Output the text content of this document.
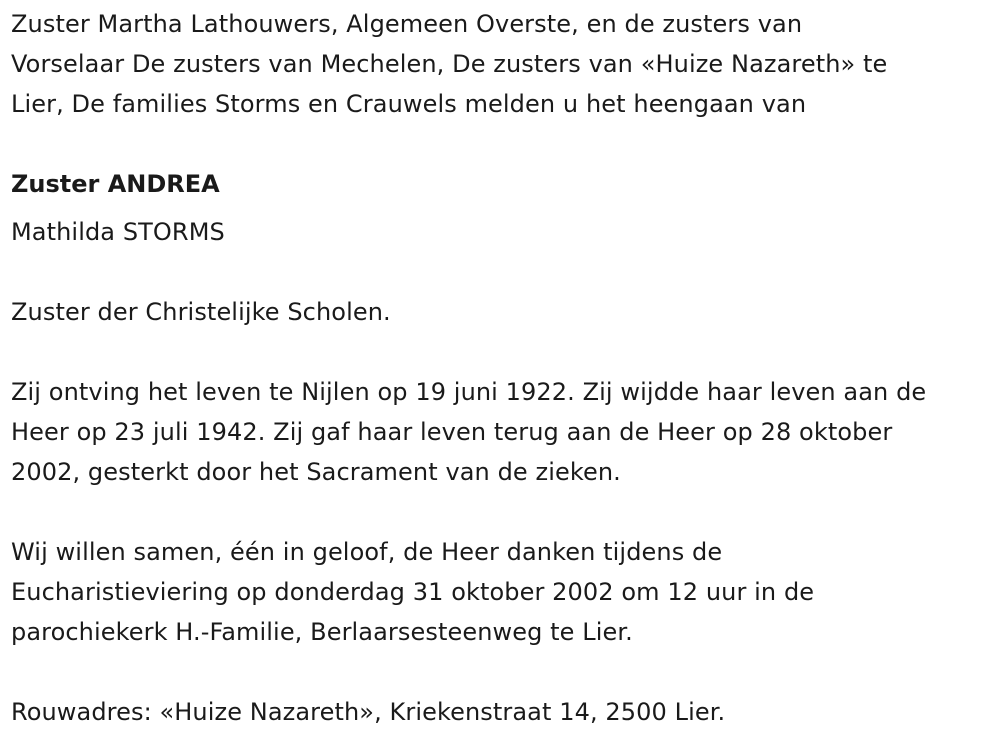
Zuster Martha Lathouwers, Algemeen Overste, en de zusters van
Vorselaar De zusters van Mechelen, De zusters van «Huize Nazareth» te
Lier, De families Storms en Crauwels melden u het heengaan van
Zuster ANDREA
Mathilda STORMS
Zuster der Christelijke Scholen.
Zij ontving het leven te Nijlen op 19 juni 1922. Zij wijdde haar leven aan de
Heer op 23 juli 1942. Zij gaf haar leven terug aan de Heer op 28 oktober
2002, gesterkt door het Sacrament van de zieken.
Wij willen samen, één in geloof, de Heer danken tijdens de
Eucharistieviering op donderdag 31 oktober 2002 om 12 uur in de
parochiekerk H.-Familie, Berlaarsesteenweg te Lier.
Rouwadres: «Huize Nazareth», Kriekenstraat 14, 2500 Lier.
